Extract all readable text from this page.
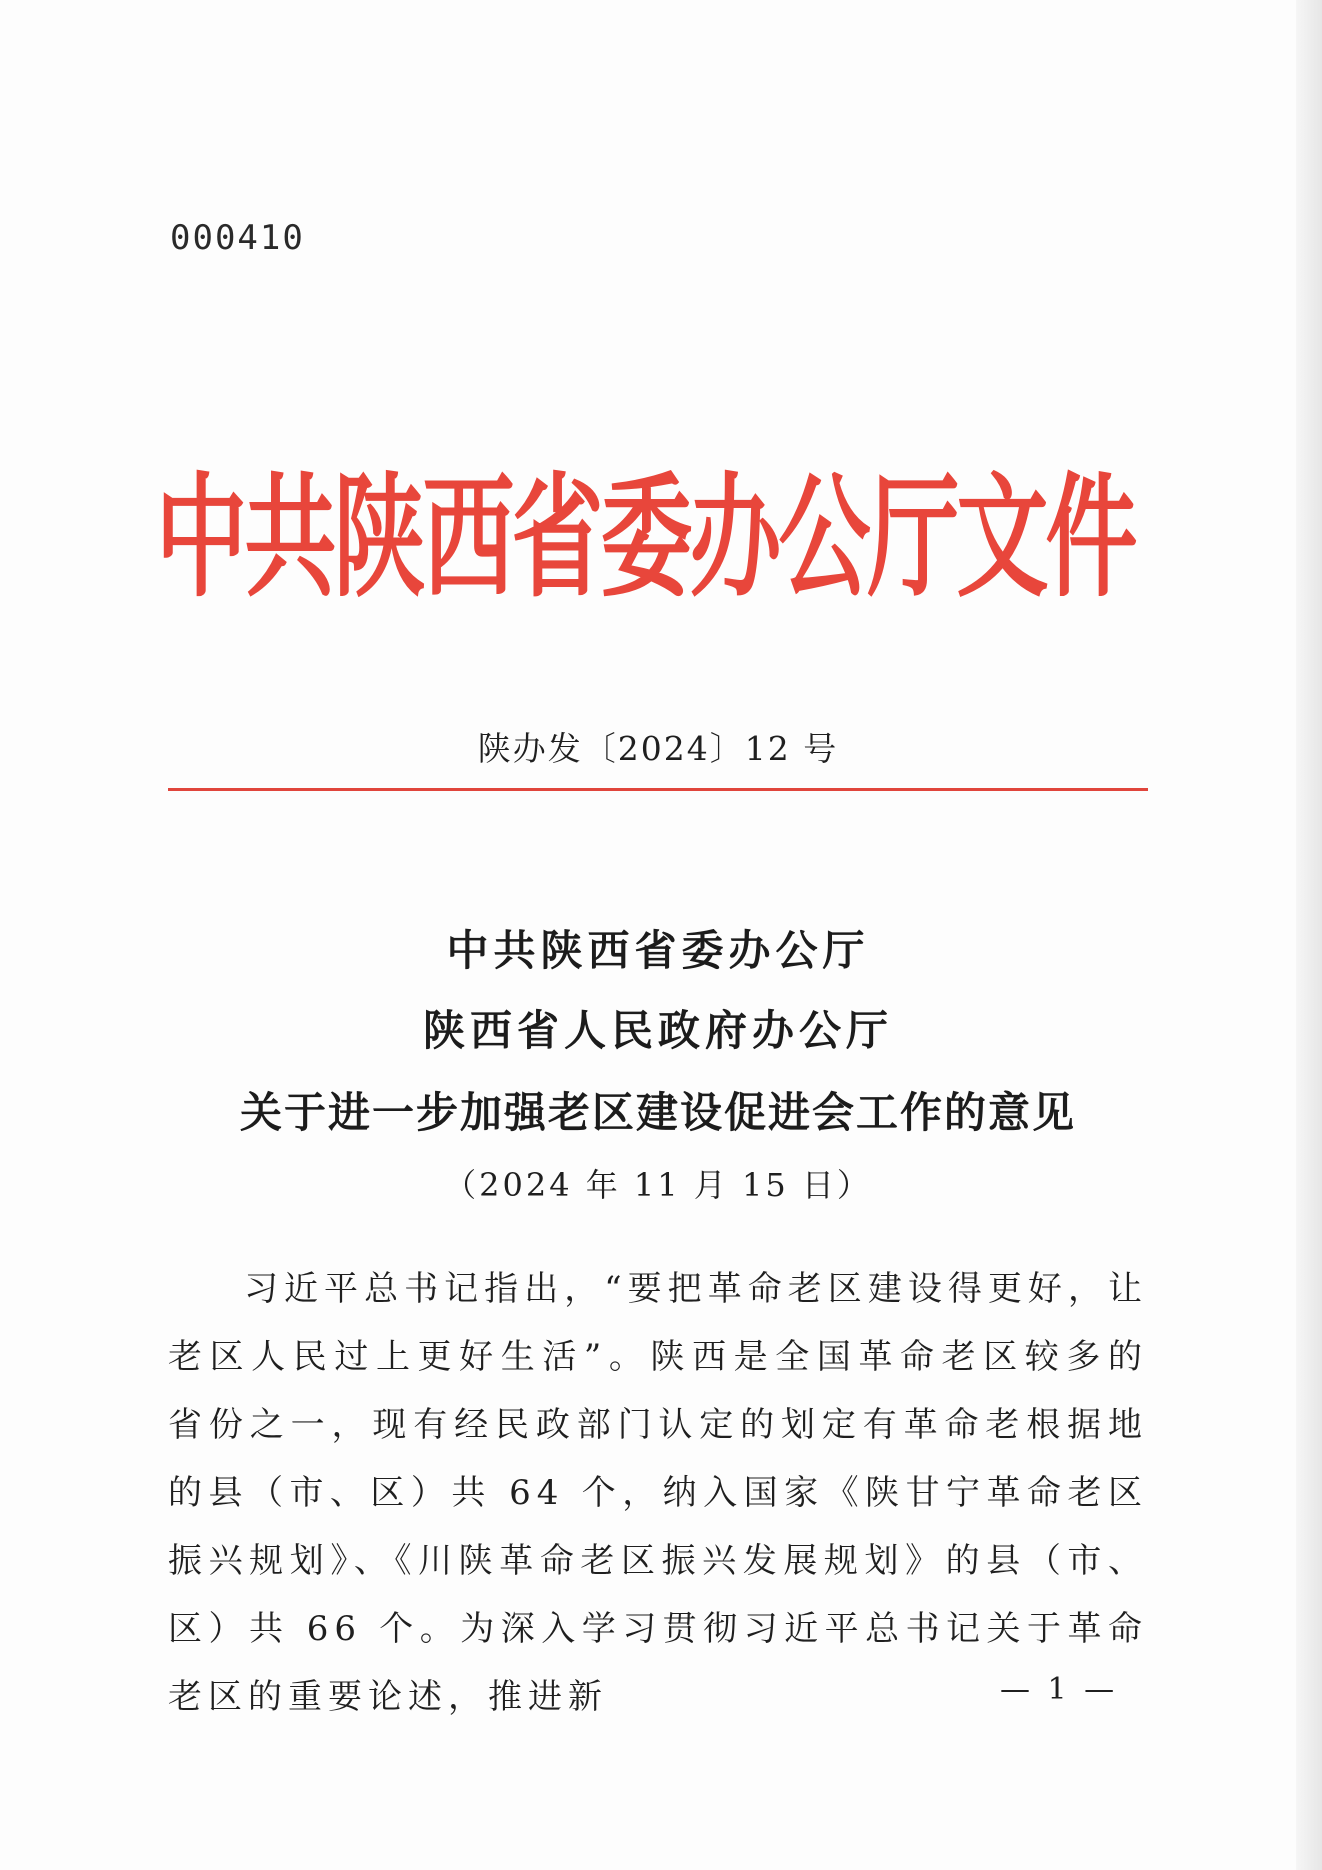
000410
中共陕西省委办公厅文件
陕办发〔2024〕12 号
中共陕西省委办公厅
陕西省人民政府办公厅
关于进一步加强老区建设促进会工作的意见
（2024 年 11 月 15 日）

习近平总书记指出，“要把革命老区建设得更好，让老区人民过上更好生活”。陕西是全国革命老区较多的省份之一，现有经民政部门认定的划定有革命老根据地的县（市、区）共 64 个，纳入国家《陕甘宁革命老区振兴规划》、《川陕革命老区振兴发展规划》的县（市、区）共 66 个。为深入学习贯彻习近平总书记关于革命老区的重要论述，推进新	— 1 —
